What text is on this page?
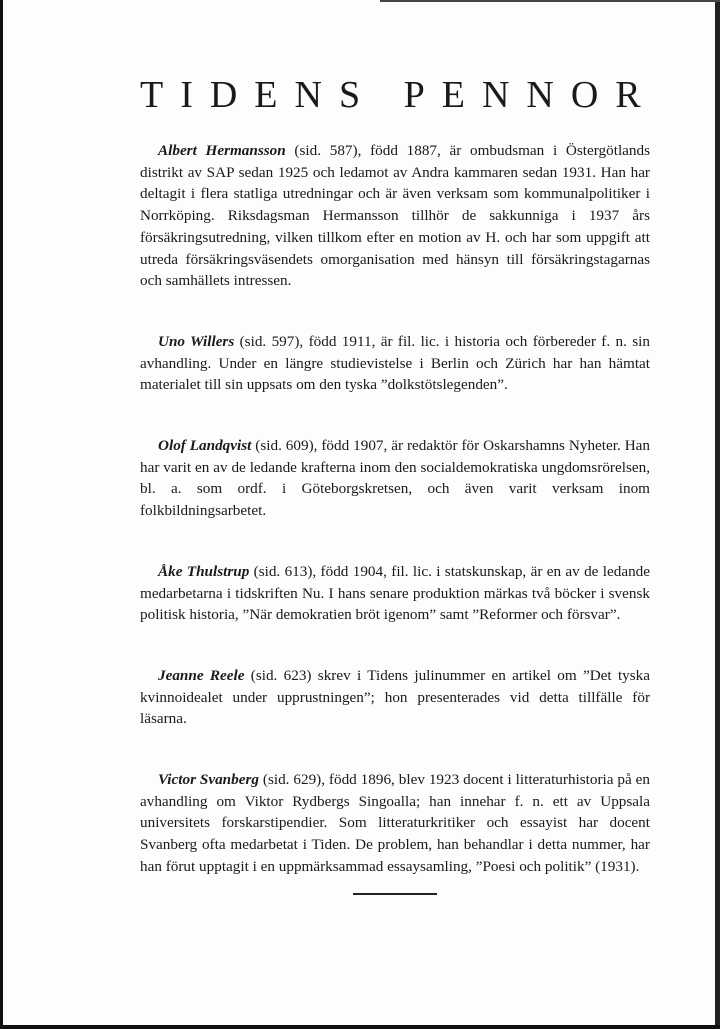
TIDENS PENNOR

Albert Hermansson (sid. 587), född 1887, är ombudsman i Östergötlands distrikt av SAP sedan 1925 och ledamot av Andra kammaren sedan 1931. Han har deltagit i flera statliga utredningar och är även verksam som kommunalpolitiker i Norrköping. Riksdagsman Hermansson tillhör de sakkunniga i 1937 års försäkringsutredning, vilken tillkom efter en motion av H. och har som uppgift att utreda försäkringsväsendets omorganisation med hänsyn till försäkringstagarnas och samhällets intressen.

Uno Willers (sid. 597), född 1911, är fil. lic. i historia och förbereder f. n. sin avhandling. Under en längre studievistelse i Berlin och Zürich har han hämtat materialet till sin uppsats om den tyska ”dolkstötslegenden”.

Olof Landqvist (sid. 609), född 1907, är redaktör för Oskarshamns Nyheter. Han har varit en av de ledande krafterna inom den socialdemokratiska ungdomsrörelsen, bl. a. som ordf. i Göteborgskretsen, och även varit verksam inom folkbildningsarbetet.

Åke Thulstrup (sid. 613), född 1904, fil. lic. i statskunskap, är en av de ledande medarbetarna i tidskriften Nu. I hans senare produktion märkas två böcker i svensk politisk historia, ”När demokratien bröt igenom” samt ”Reformer och försvar”.

Jeanne Reele (sid. 623) skrev i Tidens julinummer en artikel om ”Det tyska kvinnoidealet under upprustningen”; hon presenterades vid detta tillfälle för läsarna.

Victor Svanberg (sid. 629), född 1896, blev 1923 docent i litteraturhistoria på en avhandling om Viktor Rydbergs Singoalla; han innehar f. n. ett av Uppsala universitets forskarstipendier. Som litteraturkritiker och essayist har docent Svanberg ofta medarbetat i Tiden. De problem, han behandlar i detta nummer, har han förut upptagit i en uppmärksammad essaysamling, ”Poesi och politik” (1931).
